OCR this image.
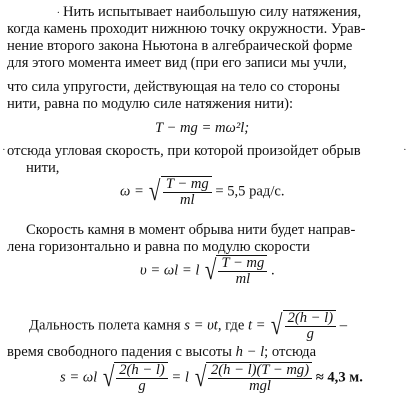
. Нить испытывает наибольшую силу натяжения,
когда камень проходит нижнюю точку окружности. Урав-
нение второго закона Ньютона в алгебраической форме
для этого момента имеет вид (при его записи мы учли,
что сила упругости, действующая на тело со стороны
нити, равна по модулю силе натяжения нити):
T − mg = mω²l;
·	·
отсюда угловая скорость, при которой произойдет обрыв
нити,
ω = √ $\frac{T - mg}{ml} = 5,5$ рад/с.
Скорость камня в момент обрыва нити будет направ-
лена горизонтально и равна по модулю скорости
υ = ωl = l √ $\frac{T - mg}{ml}$ .
Дальность полета камня s = υt, где t = √ $\frac{2(h - l)}{g}$ –
время свободного падения с высоты h − l; отсюда
s = ωl √ $\frac{2(h - l)}{g} = l$ √ $\frac{2(h - l)(T - mg)}{\text{mgl}} \approx 4,3$ м.
